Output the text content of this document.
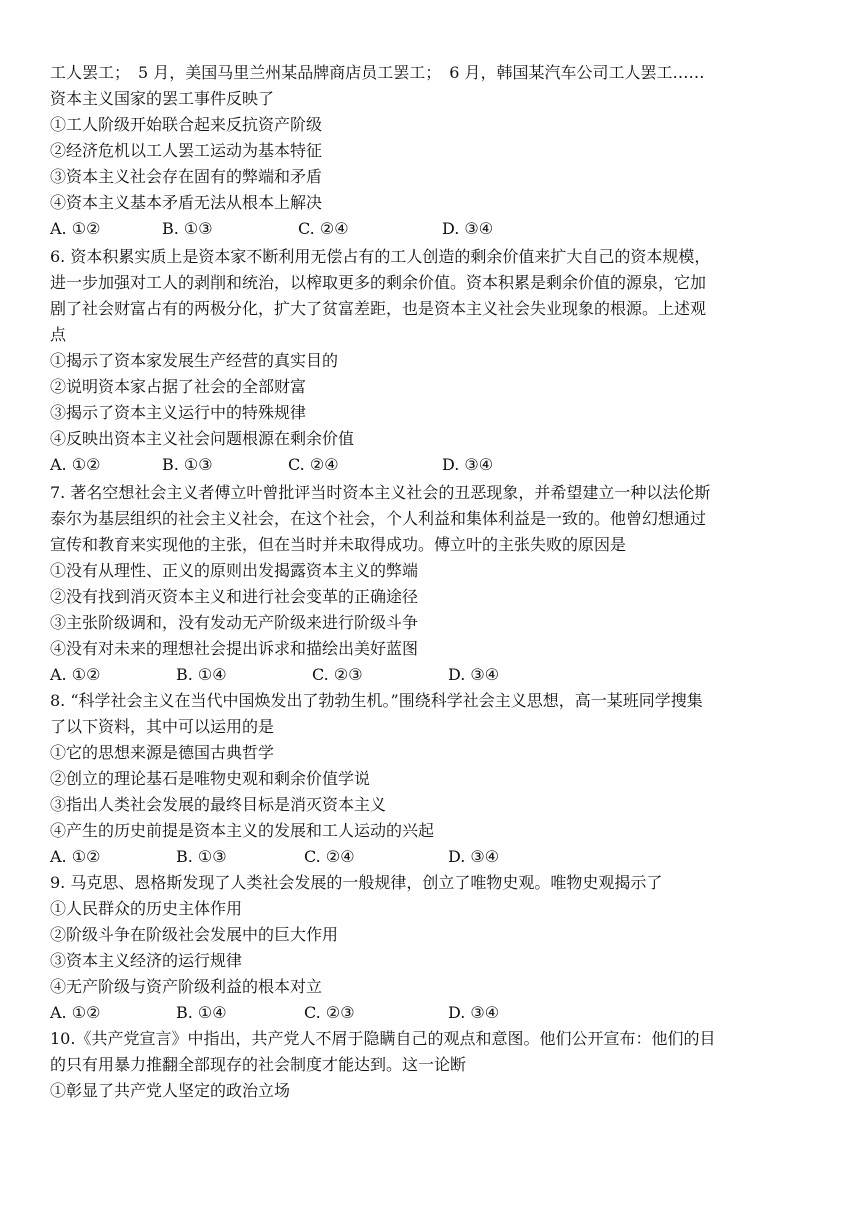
工人罢工；　5 月，美国马里兰州某品牌商店员工罢工；　6 月，韩国某汽车公司工人罢工……
资本主义国家的罢工事件反映了
①工人阶级开始联合起来反抗资产阶级
②经济危机以工人罢工运动为基本特征
③资本主义社会存在固有的弊端和矛盾
④资本主义基本矛盾无法从根本上解决
A. ①②	B. ①③	C. ②④	D. ③④
6. 资本积累实质上是资本家不断利用无偿占有的工人创造的剩余价值来扩大自己的资本规模，
进一步加强对工人的剥削和统治，以榨取更多的剩余价值。资本积累是剩余价值的源泉，它加
剧了社会财富占有的两极分化，扩大了贫富差距，也是资本主义社会失业现象的根源。上述观
点
①揭示了资本家发展生产经营的真实目的
②说明资本家占据了社会的全部财富
③揭示了资本主义运行中的特殊规律
④反映出资本主义社会问题根源在剩余价值
A. ①②	B. ①③	C. ②④	D. ③④
7. 著名空想社会主义者傅立叶曾批评当时资本主义社会的丑恶现象，并希望建立一种以法伦斯
泰尔为基层组织的社会主义社会，在这个社会，个人利益和集体利益是一致的。他曾幻想通过
宣传和教育来实现他的主张，但在当时并未取得成功。傅立叶的主张失败的原因是
①没有从理性、正义的原则出发揭露资本主义的弊端
②没有找到消灭资本主义和进行社会变革的正确途径
③主张阶级调和，没有发动无产阶级来进行阶级斗争
④没有对未来的理想社会提出诉求和描绘出美好蓝图
A. ①②	B. ①④	C. ②③	D. ③④
8. “科学社会主义在当代中国焕发出了勃勃生机。”围绕科学社会主义思想，高一某班同学搜集
了以下资料，其中可以运用的是
①它的思想来源是德国古典哲学
②创立的理论基石是唯物史观和剩余价值学说
③指出人类社会发展的最终目标是消灭资本主义
④产生的历史前提是资本主义的发展和工人运动的兴起
A. ①②	B. ①③	C. ②④	D. ③④
9. 马克思、恩格斯发现了人类社会发展的一般规律，创立了唯物史观。唯物史观揭示了
①人民群众的历史主体作用
②阶级斗争在阶级社会发展中的巨大作用
③资本主义经济的运行规律
④无产阶级与资产阶级利益的根本对立
A. ①②	B. ①④	C. ②③	D. ③④
10.《共产党宣言》中指出，共产党人不屑于隐瞒自己的观点和意图。他们公开宣布：他们的目
的只有用暴力推翻全部现存的社会制度才能达到。这一论断
①彰显了共产党人坚定的政治立场
